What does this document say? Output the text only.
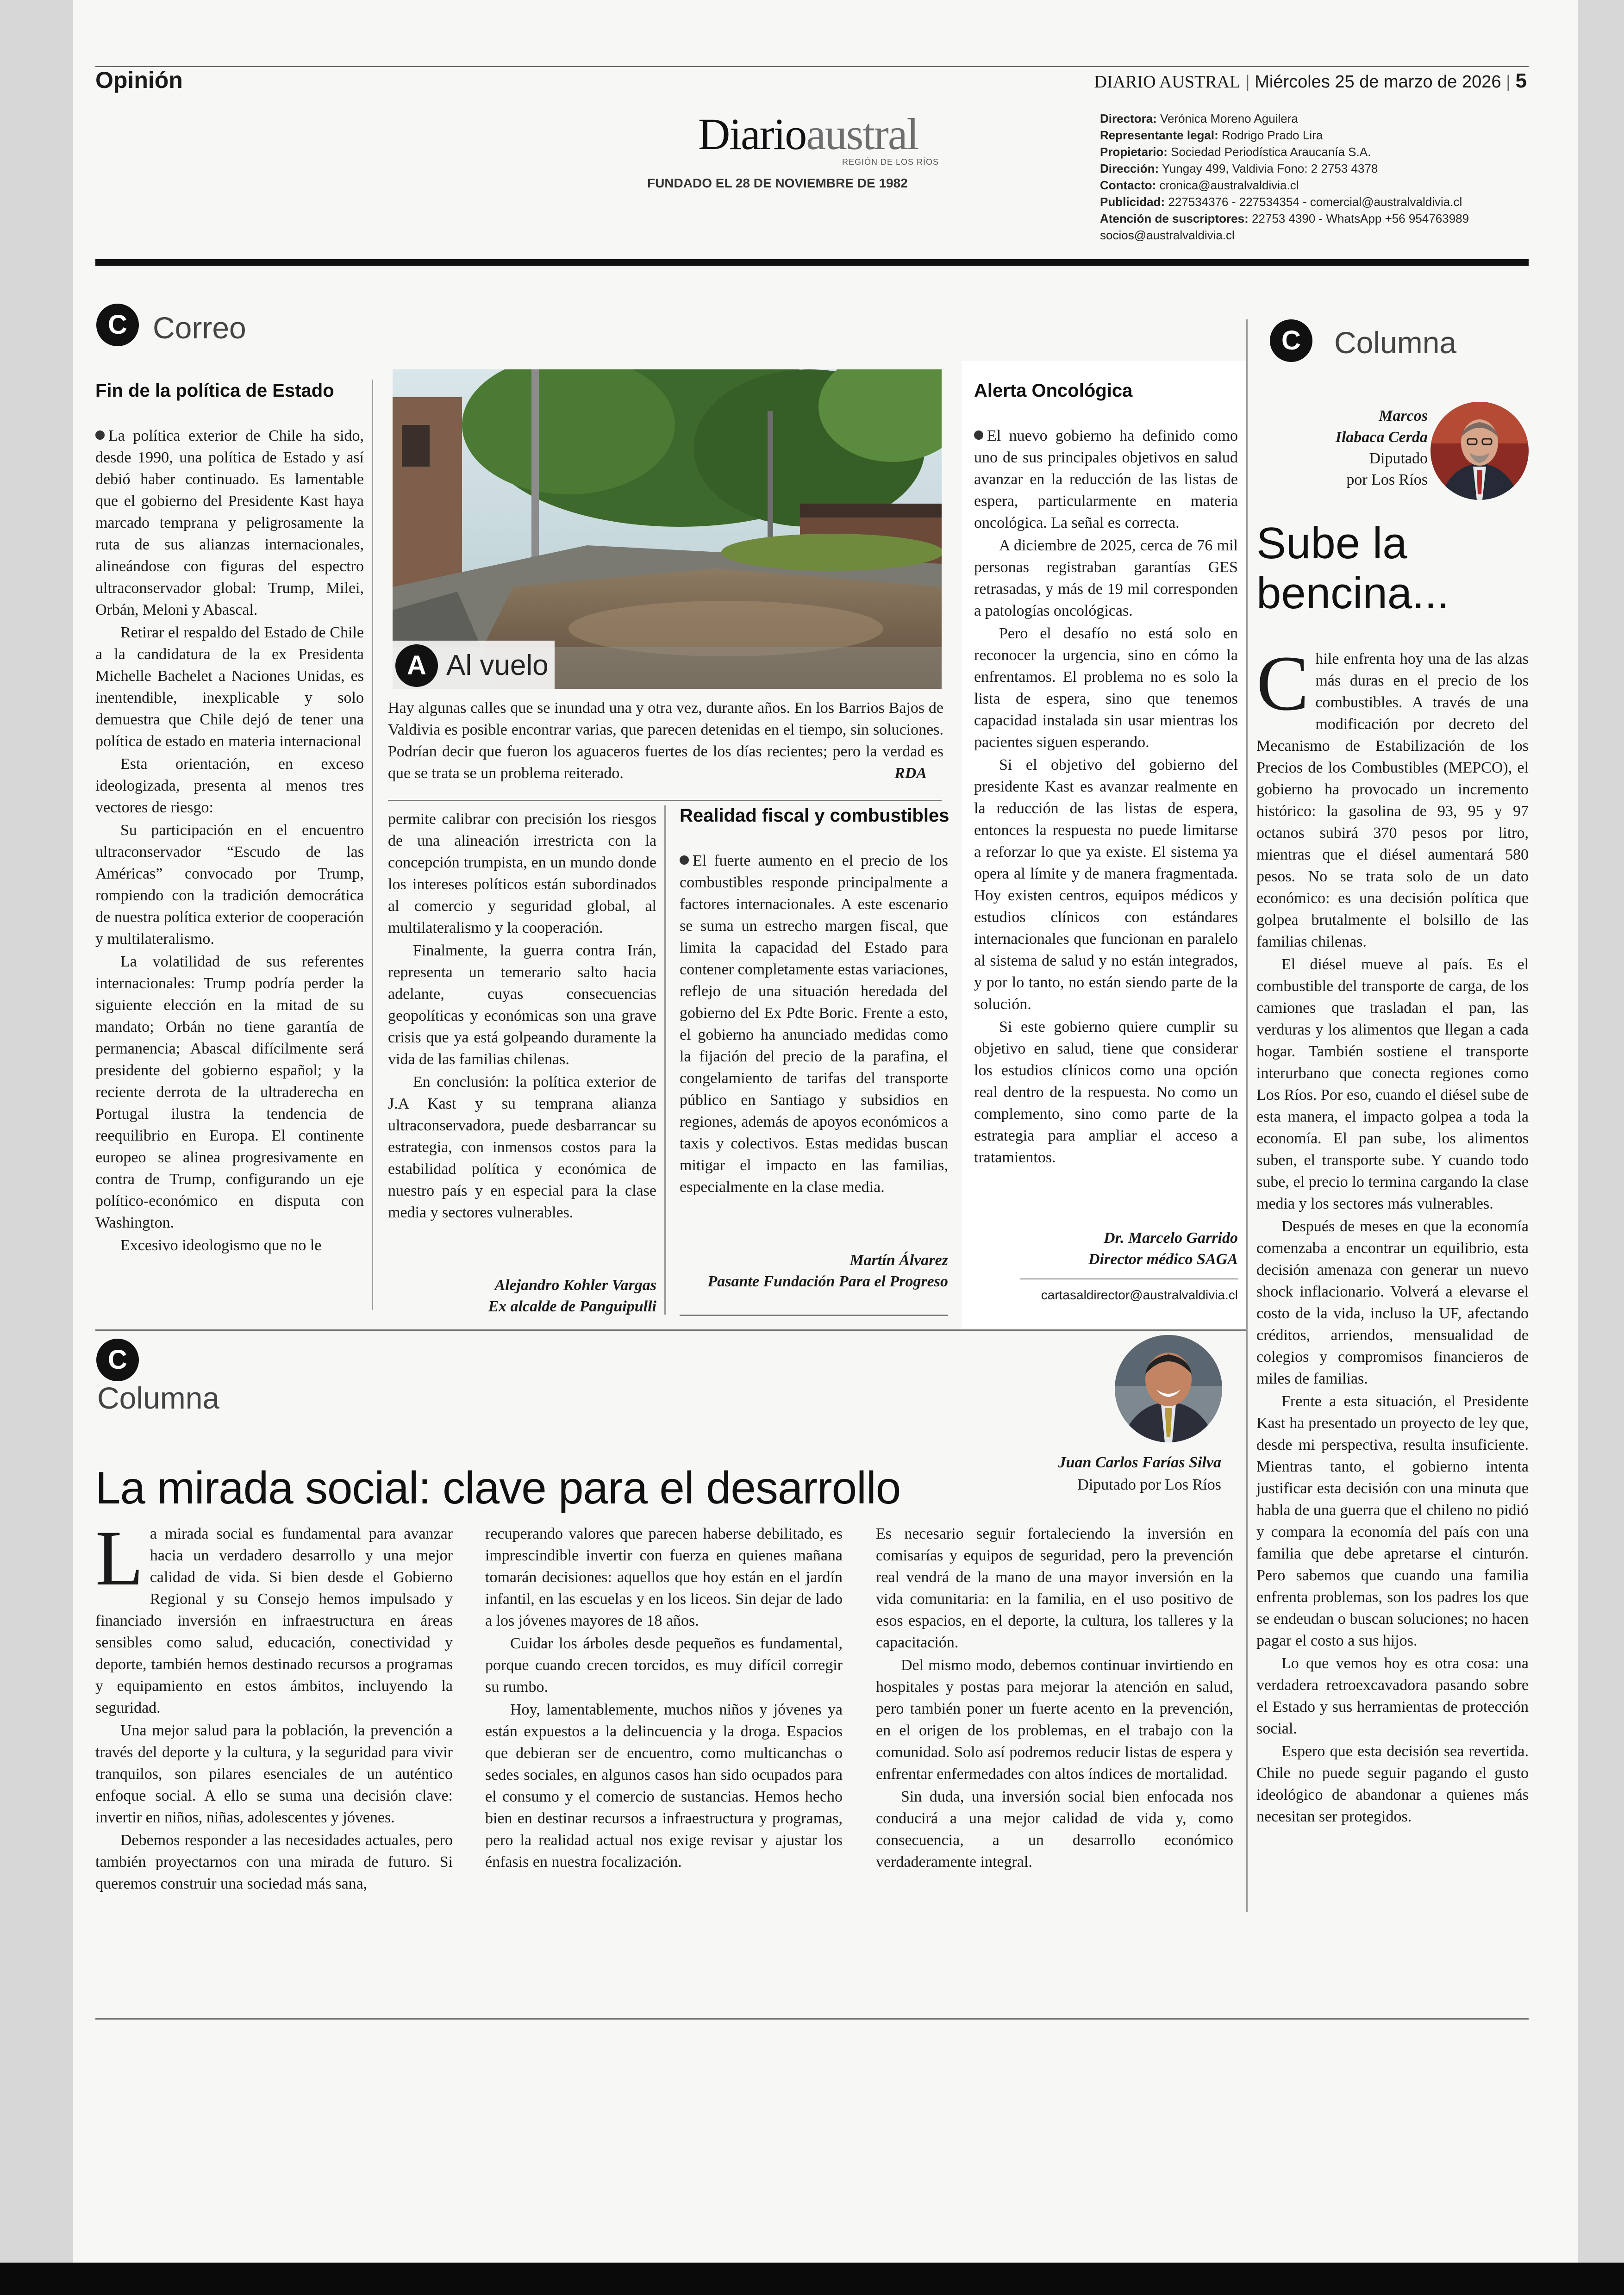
Opinión	DIARIO AUSTRAL | Miércoles 25 de marzo de 2026 | 5
Diarioaustral
REGIÓN DE LOS RÍOS
FUNDADO EL 28 DE NOVIEMBRE DE 1982
Directora: Verónica Moreno Aguilera
Representante legal: Rodrigo Prado Lira
Propietario: Sociedad Periodística Araucanía S.A.
Dirección: Yungay 499, Valdivia Fono: 2 2753 4378
Contacto: cronica@australvaldivia.cl
Publicidad: 227534376 - 227534354 - comercial@australvaldivia.cl
Atención de suscriptores: 22753 4390 - WhatsApp +56 954763989
socios@australvaldivia.cl
C Correo
Fin de la política de Estado

La política exterior de Chile ha sido, desde 1990, una política de Estado y así debió haber continuado. Es lamentable que el gobierno del Presidente Kast haya marcado temprana y peligrosamente la ruta de sus alianzas internacionales, alineándose con figuras del espectro ultraconservador global: Trump, Milei, Orbán, Meloni y Abascal.

Retirar el respaldo del Estado de Chile a la candidatura de la ex Presidenta Michelle Bachelet a Naciones Unidas, es inentendible, inexplicable y solo demuestra que Chile dejó de tener una política de estado en materia internacional

Esta orientación, en exceso ideologizada, presenta al menos tres vectores de riesgo:

Su participación en el encuentro ultraconservador “Escudo de las Américas” convocado por Trump, rompiendo con la tradición democrática de nuestra política exterior de cooperación y multilateralismo.

La volatilidad de sus referentes internacionales: Trump podría perder la siguiente elección en la mitad de su mandato; Orbán no tiene garantía de permanencia; Abascal difícilmente será presidente del gobierno español; y la reciente derrota de la ultraderecha en Portugal ilustra la tendencia de reequilibrio en Europa. El continente europeo se alinea progresivamente en contra de Trump, configurando un eje político-económico en disputa con Washington.

Excesivo ideologismo que no le

A Al vuelo

Hay algunas calles que se inundad una y otra vez, durante años. En los Barrios Bajos de Valdivia es posible encontrar varias, que parecen detenidas en el tiempo, sin soluciones. Podrían decir que fueron los aguaceros fuertes de los días recientes; pero la verdad es que se trata se un problema reiterado.	RDA

permite calibrar con precisión los riesgos de una alineación irrestricta con la concepción trumpista, en un mundo donde los intereses políticos están subordinados al comercio y seguridad global, al multilateralismo y la cooperación.

Finalmente, la guerra contra Irán, representa un temerario salto hacia adelante, cuyas consecuencias geopolíticas y económicas son una grave crisis que ya está golpeando duramente la vida de las familias chilenas.

En conclusión: la política exterior de J.A Kast y su temprana alianza ultraconservadora, puede desbarrancar su estrategia, con inmensos costos para la estabilidad política y económica de nuestro país y en especial para la clase media y sectores vulnerables.

Alejandro Kohler Vargas
Ex alcalde de Panguipulli
Realidad fiscal y combustibles

El fuerte aumento en el precio de los combustibles responde principalmente a factores internacionales. A este escenario se suma un estrecho margen fiscal, que limita la capacidad del Estado para contener completamente estas variaciones, reflejo de una situación heredada del gobierno del Ex Pdte Boric. Frente a esto, el gobierno ha anunciado medidas como la fijación del precio de la parafina, el congelamiento de tarifas del transporte público en Santiago y subsidios en regiones, además de apoyos económicos a taxis y colectivos. Estas medidas buscan mitigar el impacto en las familias, especialmente en la clase media.

Martín Álvarez
Pasante Fundación Para el Progreso
Alerta Oncológica

El nuevo gobierno ha definido como uno de sus principales objetivos en salud avanzar en la reducción de las listas de espera, particularmente en materia oncológica. La señal es correcta.

A diciembre de 2025, cerca de 76 mil personas registraban garantías GES retrasadas, y más de 19 mil corresponden a patologías oncológicas.

Pero el desafío no está solo en reconocer la urgencia, sino en cómo la enfrentamos. El problema no es solo la lista de espera, sino que tenemos capacidad instalada sin usar mientras los pacientes siguen esperando.

Si el objetivo del gobierno del presidente Kast es avanzar realmente en la reducción de las listas de espera, entonces la respuesta no puede limitarse a reforzar lo que ya existe. El sistema ya opera al límite y de manera fragmentada. Hoy existen centros, equipos médicos y estudios clínicos con estándares internacionales que funcionan en paralelo al sistema de salud y no están integrados, y por lo tanto, no están siendo parte de la solución.

Si este gobierno quiere cumplir su objetivo en salud, tiene que considerar los estudios clínicos como una opción real dentro de la respuesta. No como un complemento, sino como parte de la estrategia para ampliar el acceso a tratamientos.

Dr. Marcelo Garrido
Director médico SAGA
cartasaldirector@australvaldivia.cl
C	Columna
Marcos
Ilabaca Cerda
Diputado
por Los Ríos
Sube la bencina...

Chile enfrenta hoy una de las alzas más duras en el precio de los combustibles. A través de una modificación por decreto del Mecanismo de Estabilización de los Precios de los Combustibles (MEPCO), el gobierno ha provocado un incremento histórico: la gasolina de 93, 95 y 97 octanos subirá 370 pesos por litro, mientras que el diésel aumentará 580 pesos. No se trata solo de un dato económico: es una decisión política que golpea brutalmente el bolsillo de las familias chilenas.

El diésel mueve al país. Es el combustible del transporte de carga, de los camiones que trasladan el pan, las verduras y los alimentos que llegan a cada hogar. También sostiene el transporte interurbano que conecta regiones como Los Ríos. Por eso, cuando el diésel sube de esta manera, el impacto golpea a toda la economía. El pan sube, los alimentos suben, el transporte sube. Y cuando todo sube, el precio lo termina cargando la clase media y los sectores más vulnerables.

Después de meses en que la economía comenzaba a encontrar un equilibrio, esta decisión amenaza con generar un nuevo shock inflacionario. Volverá a elevarse el costo de la vida, incluso la UF, afectando créditos, arriendos, mensualidad de colegios y compromisos financieros de miles de familias.

Frente a esta situación, el Presidente Kast ha presentado un proyecto de ley que, desde mi perspectiva, resulta insuficiente. Mientras tanto, el gobierno intenta justificar esta decisión con una minuta que habla de una guerra que el chileno no pidió y compara la economía del país con una familia que debe apretarse el cinturón. Pero sabemos que cuando una familia enfrenta problemas, son los padres los que se endeudan o buscan soluciones; no hacen pagar el costo a sus hijos.

Lo que vemos hoy es otra cosa: una verdadera retroexcavadora pasando sobre el Estado y sus herramientas de protección social.

Espero que esta decisión sea revertida. Chile no puede seguir pagando el gusto ideológico de abandonar a quienes más necesitan ser protegidos.

C
Columna
Juan Carlos Farías Silva
Diputado por Los Ríos
La mirada social: clave para el desarrollo

La mirada social es fundamental para avanzar hacia un verdadero desarrollo y una mejor calidad de vida. Si bien desde el Gobierno Regional y su Consejo hemos impulsado y financiado inversión en infraestructura en áreas sensibles como salud, educación, conectividad y deporte, también hemos destinado recursos a programas y equipamiento en estos ámbitos, incluyendo la seguridad.

Una mejor salud para la población, la prevención a través del deporte y la cultura, y la seguridad para vivir tranquilos, son pilares esenciales de un auténtico enfoque social. A ello se suma una decisión clave: invertir en niños, niñas, adolescentes y jóvenes.

Debemos responder a las necesidades actuales, pero también proyectarnos con una mirada de futuro. Si queremos construir una sociedad más sana,

recuperando valores que parecen haberse debilitado, es imprescindible invertir con fuerza en quienes mañana tomarán decisiones: aquellos que hoy están en el jardín infantil, en las escuelas y en los liceos. Sin dejar de lado a los jóvenes mayores de 18 años.

Cuidar los árboles desde pequeños es fundamental, porque cuando crecen torcidos, es muy difícil corregir su rumbo.

Hoy, lamentablemente, muchos niños y jóvenes ya están expuestos a la delincuencia y la droga. Espacios que debieran ser de encuentro, como multicanchas o sedes sociales, en algunos casos han sido ocupados para el consumo y el comercio de sustancias. Hemos hecho bien en destinar recursos a infraestructura y programas, pero la realidad actual nos exige revisar y ajustar los énfasis en nuestra focalización.

Es necesario seguir fortaleciendo la inversión en comisarías y equipos de seguridad, pero la prevención real vendrá de la mano de una mayor inversión en la vida comunitaria: en la familia, en el uso positivo de esos espacios, en el deporte, la cultura, los talleres y la capacitación.

Del mismo modo, debemos continuar invirtiendo en hospitales y postas para mejorar la atención en salud, pero también poner un fuerte acento en la prevención, en el origen de los problemas, en el trabajo con la comunidad. Solo así podremos reducir listas de espera y enfrentar enfermedades con altos índices de mortalidad.

Sin duda, una inversión social bien enfocada nos conducirá a una mejor calidad de vida y, como consecuencia, a un desarrollo económico verdaderamente integral.
